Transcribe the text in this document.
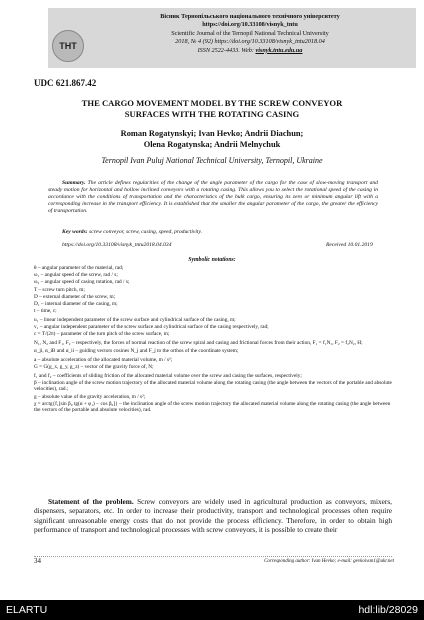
ТНТ
Вісник Тернопільського національного технічного університету
https://doi.org/10.33108/visnyk_tntu
Scientific Journal of the Ternopil National Technical University
2018, № 4 (92) https://doi.org/10.33108/visnyk_tntu2018.04
ISSN 2522-4433. Web: visnyk.tntu.edu.ua
UDC 621.867.42
THE CARGO MOVEMENT MODEL BY THE SCREW CONVEYOR
SURFACES WITH THE ROTATING CASING
Roman Rogatynskyi; Ivan Hevko; Andrii Diachun;
Olena Rogatynska; Andrii Melnychuk
Ternopil Ivan Puluj National Technical University, Ternopil, Ukraine
Summary. The article defines regularities of the change of the angle parameter of the cargo for the case of slow-moving transport and steady motion for horizontal and hollow inclined conveyors with a rotating casing. This allows you to select the rotational speed of the casing in accordance with the conditions of transportation and the characteristics of the bulk cargo, ensuring its zero or minimum angular lift with a corresponding increase in the transport efficiency. It is established that the smaller the angular parameter of the cargo, the greater the efficiency of transportation.
Key words: screw conveyor, screw, casing, speed, productivity.
https://doi.org/10.33108/visnyk_tntu2018.04.034	Received 10.01.2019
Symbolic notations:
θ – angular parameter of the material, rad;
ω₁ – angular speed of the screw, rad / s;
ω₂ – angular speed of casing rotation, rad / s;
T – screw turn pitch, m;
D – external diameter of the screw, m;
D₁ – internal diameter of the casing, m;
t – time, c;
u₁ – linear independent parameter of the screw surface and cylindrical surface of the casing, m;
v₁ – angular independent parameter of the screw surface and cylindrical surface of the casing respectively, rad;
c = T/(2π) – parameter of the turn pitch of the screw surface, m;
N₁, N₂ and F₁, F₂ – respectively, the forces of normal reaction of the screw spiral and casing and frictional forces from their action, F₁ = f₁N₁, F₂ = f₂N₂, H;
α_ji, α_iB and α_ii – guiding vectors cosines N_j and F_j to the orthos of the coordinate system;
a – absolute acceleration of the allocated material volume, m / s²;
G = G(g_x, g_y, g_z) – vector of the gravity force of, N;
f₁ and f₂ – coefficients of sliding friction of the allocated material volume over the screw and casing the surfaces, respectively;
β – inclination angle of the screw motion trajectory of the allocated material volume along the rotating casing (the angle between the vectors of the portable and absolute velocities), rad.;
g – absolute value of the gravity acceleration, m / s²;
χ = arctg{f₁[sin β₀ tg(α + φ₁) − cos β₀]} – the inclination angle of the screw motion trajectory the allocated material volume along the rotating casing (the angle between the vectors of the portable and absolute velocities), rad.
Statement of the problem. Screw conveyors are widely used in agricultural production as conveyors, mixers, dispensers, separators, etc. In order to increase their productivity, transport and technological processes often require significant unreasonable energy costs that do not provide the process efficiency. Therefore, in order to obtain high performance of transport and technological processes with screw conveyors, it is possible to create their
34	Corresponding author: Ivan Hevko; e-mail: gevkoivan1@ukr.net
ELARTU	hdl:lib/28029
